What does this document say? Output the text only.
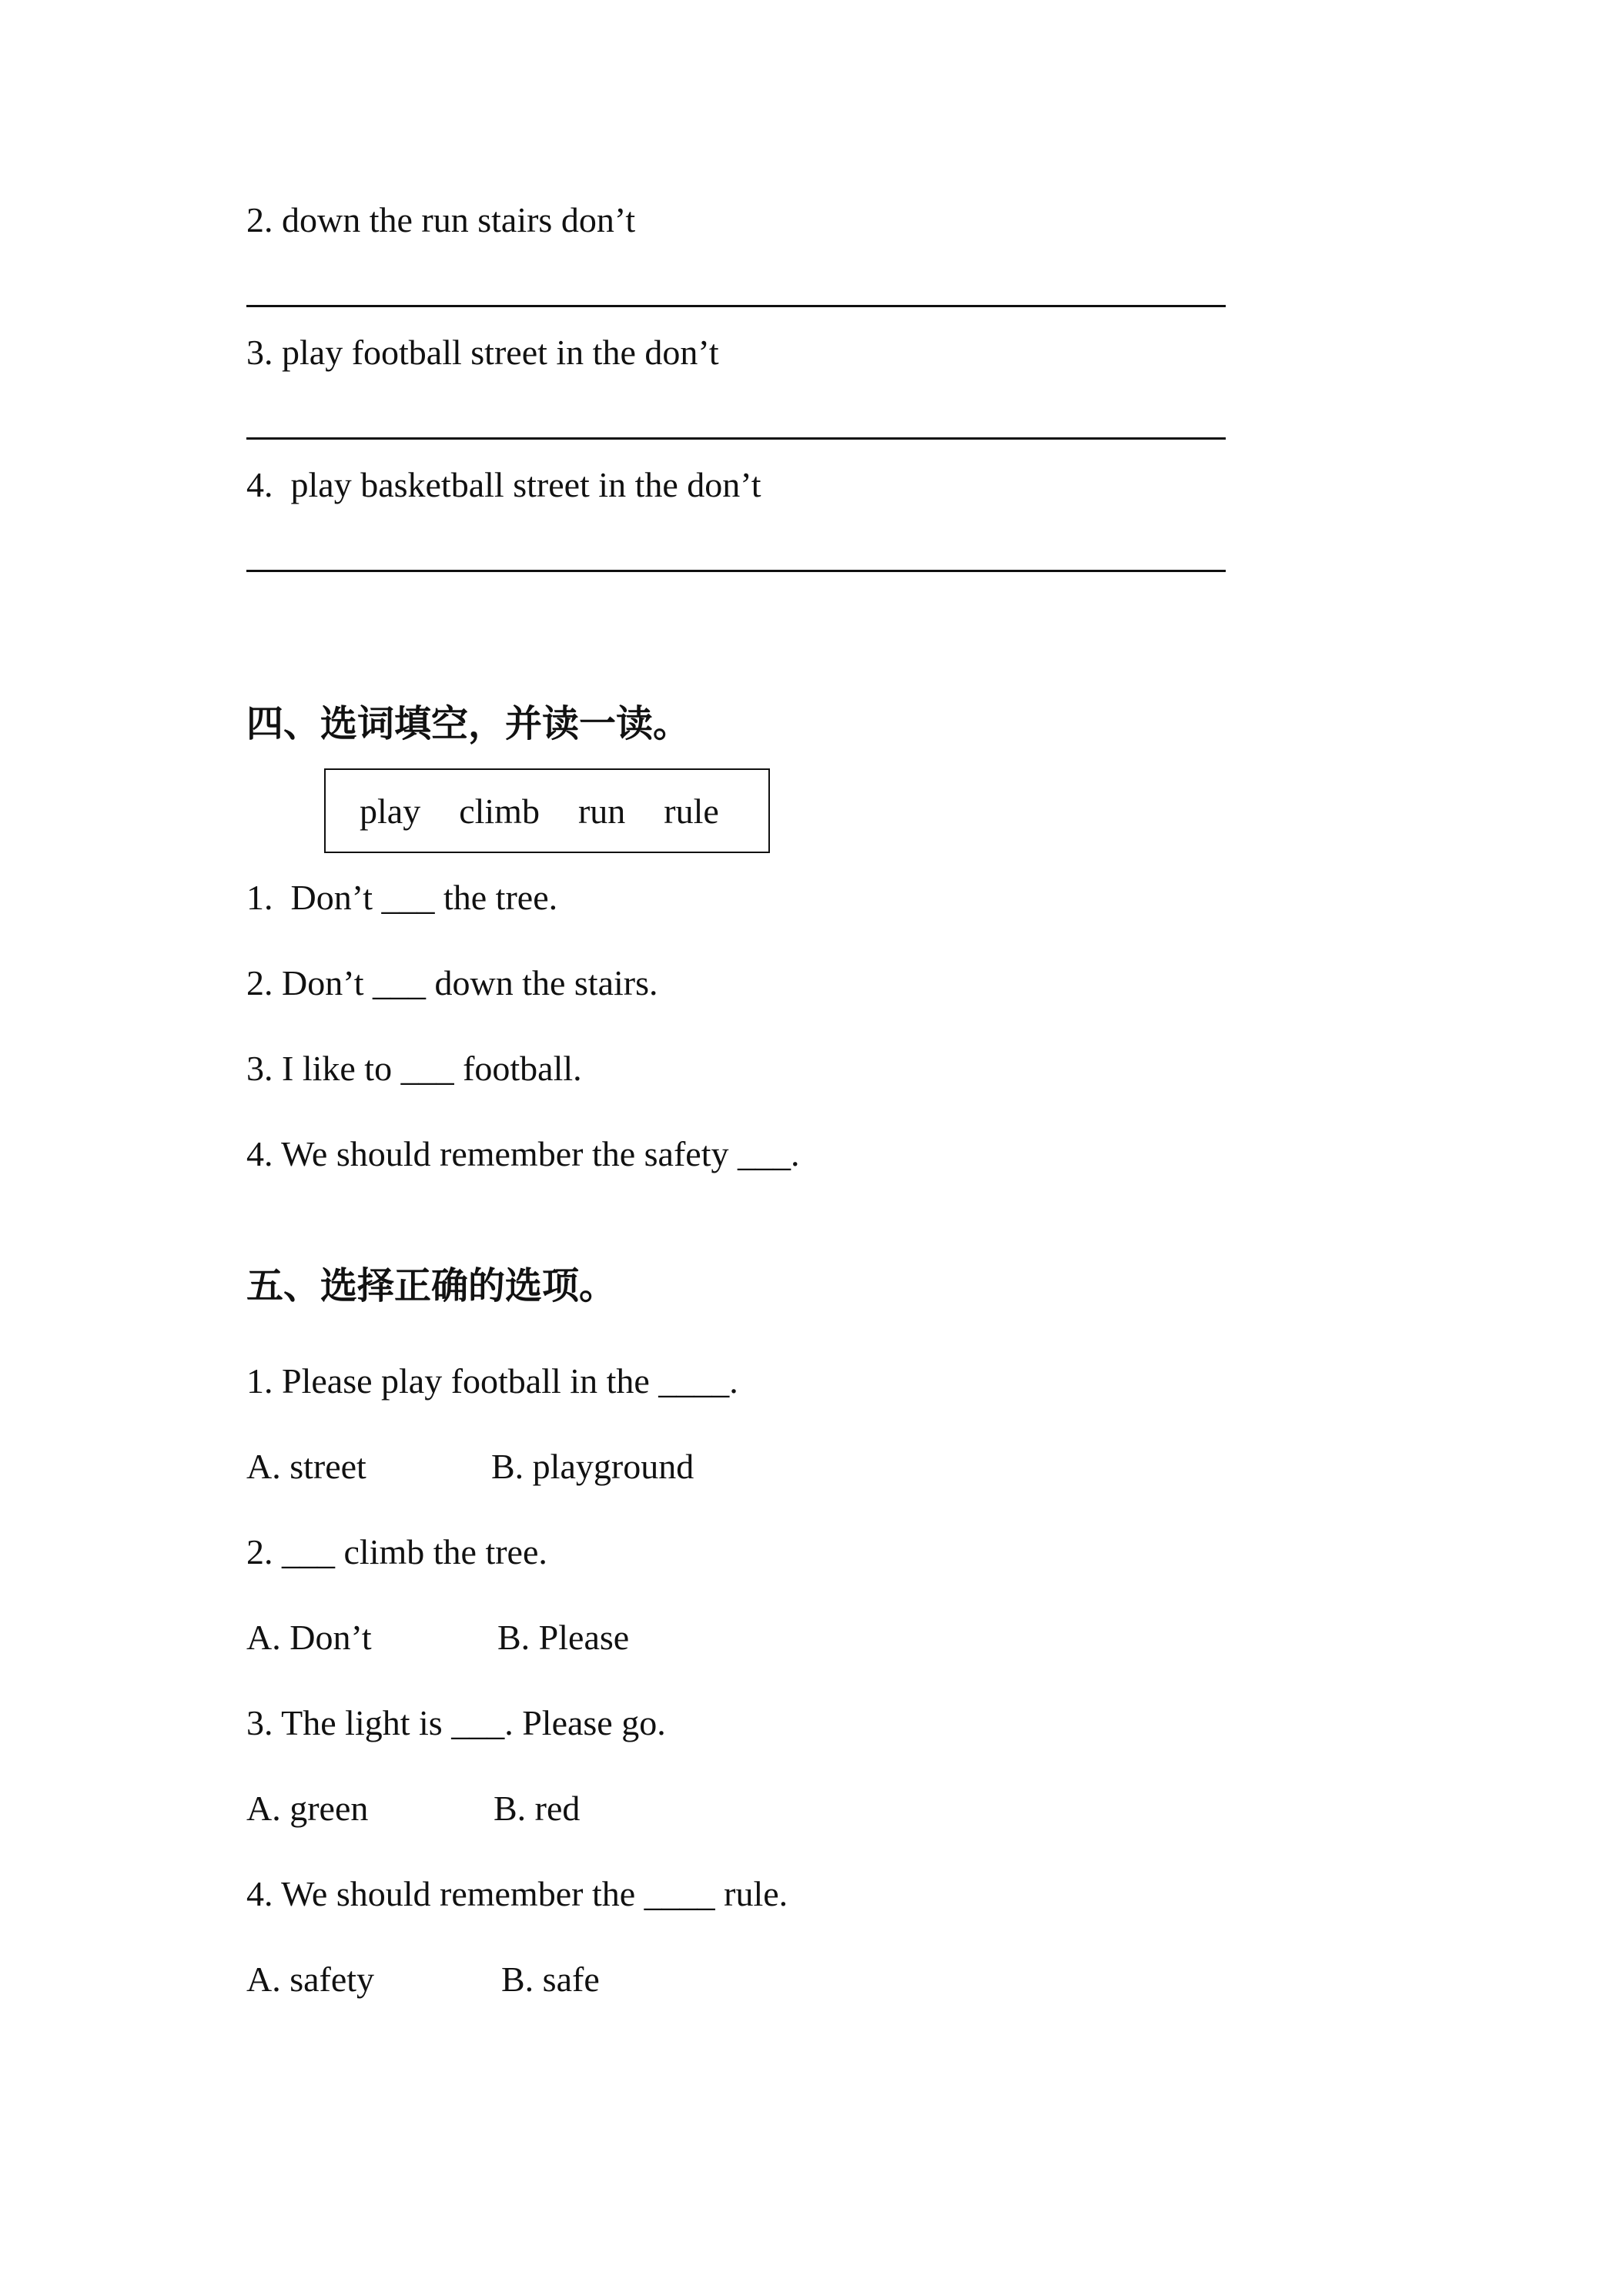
2. down the run stairs don’t
3. play football street in the don’t
4.  play basketball street in the don’t
四、选词填空，并读一读。
play climb run rule
1.  Don’t ___ the tree.
2. Don’t ___ down the stairs.
3. I like to ___ football.
4. We should remember the safety ___.
五、选择正确的选项。
1. Please play football in the ____.
A. street	B. playground
2. ___ climb the tree.
A. Don’t	B. Please
3. The light is ___. Please go.
A. green	B. red
4. We should remember the ____ rule.
A. safety	B. safe
